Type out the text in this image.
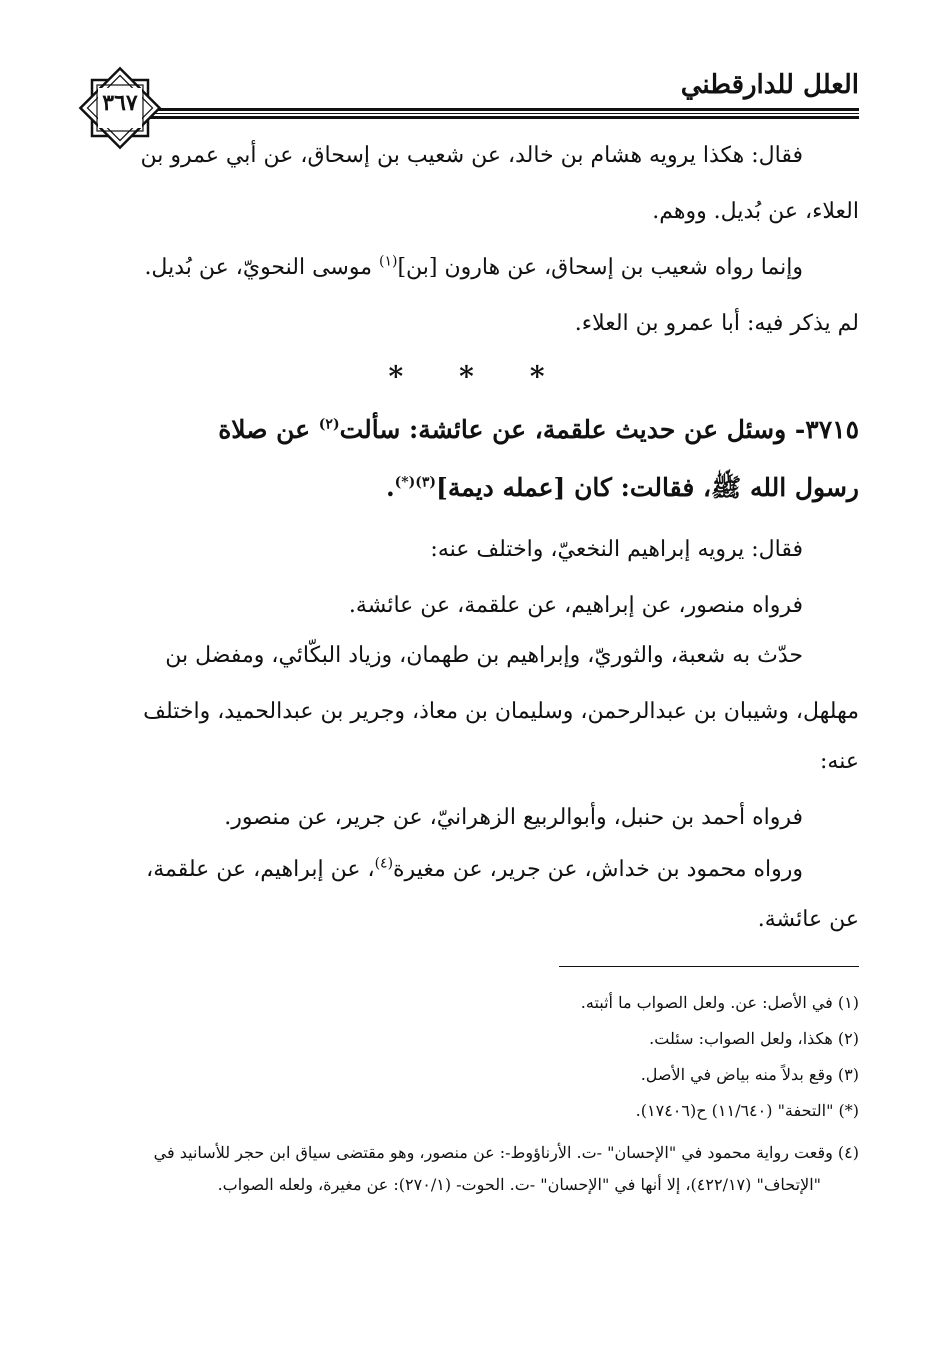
العلل للدارقطني
٣٦٧
فقال: هكذا يرويه هشام بن خالد، عن شعيب بن إسحاق، عن أبي عمرو بن
العلاء، عن بُديل. ووهم.
وإنما رواه شعيب بن إسحاق، عن هارون [بن]$^{(١)}$ موسى النحويّ، عن بُديل.
لم يذكر فيه: أبا عمرو بن العلاء.
* * *
٣٧١٥- وسئل عن حديث علقمة، عن عائشة: سألت$^{(٢)}$ عن صلاة
رسول الله ﷺ، فقالت: كان [عمله ديمة]$^{(٣)(*)}$.
فقال: يرويه إبراهيم النخعيّ، واختلف عنه:
فرواه منصور، عن إبراهيم، عن علقمة، عن عائشة.
حدّث به شعبة، والثوريّ، وإبراهيم بن طهمان، وزياد البكّائي، ومفضل بن
مهلهل، وشيبان بن عبدالرحمن، وسليمان بن معاذ، وجرير بن عبدالحميد، واختلف
عنه:
فرواه أحمد بن حنبل، وأبوالربيع الزهرانيّ، عن جرير، عن منصور.
ورواه محمود بن خداش، عن جرير، عن مغيرة$^{(٤)}$، عن إبراهيم، عن علقمة،
عن عائشة.
(١) في الأصل: عن. ولعل الصواب ما أثبته.
(٢) هكذا، ولعل الصواب: سئلت.
(٣) وقع بدلاً منه بياض في الأصل.
(*) "التحفة" (١١/٦٤٠) ح(١٧٤٠٦).
(٤) وقعت رواية محمود في "الإحسان" -ت. الأرناؤوط-: عن منصور، وهو مقتضى سياق ابن حجر للأسانيد في
"الإتحاف" (٤٢٢/١٧)، إلا أنها في "الإحسان" -ت. الحوت- (٢٧٠/١): عن مغيرة، ولعله الصواب.
